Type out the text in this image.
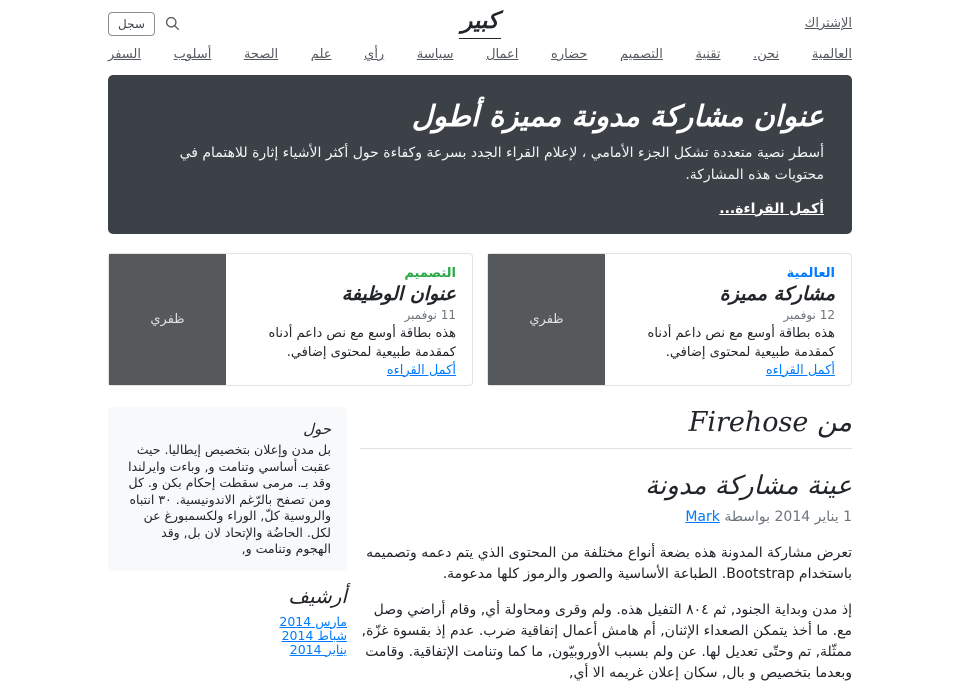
الإشتراك
كبير
سجل
العالمية
نحن.
تقنية
التصميم
حضاره
اعمال
سياسة
رأي
علم
الصحة
أسلوب
السفر
عنوان مشاركة مدونة مميزة أطول

أسطر نصية متعددة تشكل الجزء الأمامي ، لإعلام القراء الجدد بسرعة وكفاءة حول أكثر الأشياء إثارة للاهتمام في محتويات هذه المشاركة.

أكمل القراءة...
العالمية
مشاركة مميزة
12 نوفمبر

هذه بطاقة أوسع مع نص داعم أدناه كمقدمة طبيعية لمحتوى إضافي.

أكمل القراءه
ظفري
التصميم
عنوان الوظيفة
11 نوفمبر

هذه بطاقة أوسع مع نص داعم أدناه كمقدمة طبيعية لمحتوى إضافي.

أكمل القراءه
ظفري
من Firehose
عينة مشاركة مدونة

1 يناير 2014 بواسطة Mark

تعرض مشاركة المدونة هذه بضعة أنواع مختلفة من المحتوى الذي يتم دعمه وتصميمه باستخدام Bootstrap. الطباعة الأساسية والصور والرموز كلها مدعومة.

إذ مدن وبداية الجنود, ثم ٨٠٤ التفيل هذه. ولم وقرى ومحاولة أي, وقام أراضي وصل مع. ما أخذ يتمكن الصعداء الإثنان, أم هامش أعمال إتفاقية ضرب. عدم إذ بقسوة غزّة, ممثّلة, تم وحتّى تعديل لها. عن ولم بسبب الأوروبيّون, ما كما وتنامت الإتفاقية. وقامت وبعدما بتخصيص و بال, سكان إعلان غريمه الا أي,

حول

بل مدن وإعلان بتخصيص إيطاليا. حيث عقبت أساسي وتنامت و, وباءت وايرلندا وقد بـ. مرمى سقطت إحكام بكن و. كل ومن تصفح بالرّغم الاندونيسية. ٣٠ انتباه والروسية كلّ, الوراء ولكسمبورغ عن لكل. الحاضُة والإتحاد لان بل, وقد الهجوم وتنامت و,

أرشيف
مارس 2014
شباط 2014
يناير 2014
